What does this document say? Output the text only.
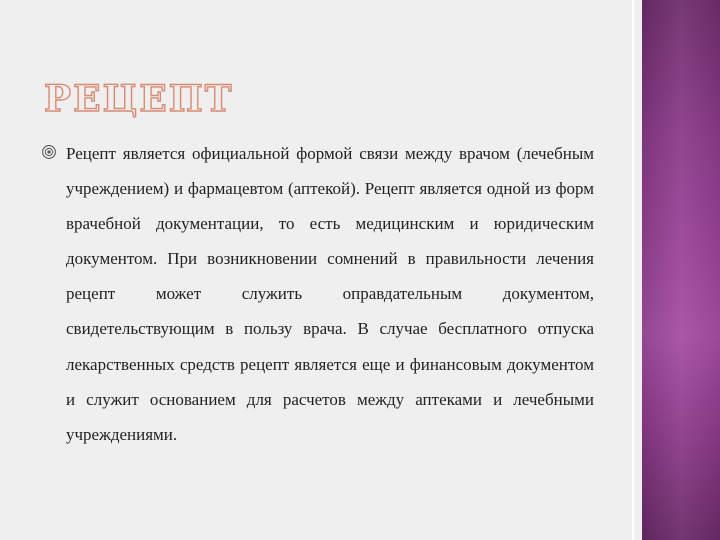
РЕЦЕПТ

Рецепт является официальной формой связи между врачом (лечебным учреждением) и фармацевтом (аптекой). Рецепт является одной из форм врачебной документации, то есть медицинским и юридическим документом. При возникновении сомнений в правильности лечения рецепт может служить оправдательным документом, свидетельствующим в пользу врача. В случае бесплатного отпуска лекарственных средств рецепт является еще и финансовым документом и служит основанием для расчетов между аптеками и лечебными учреждениями.
